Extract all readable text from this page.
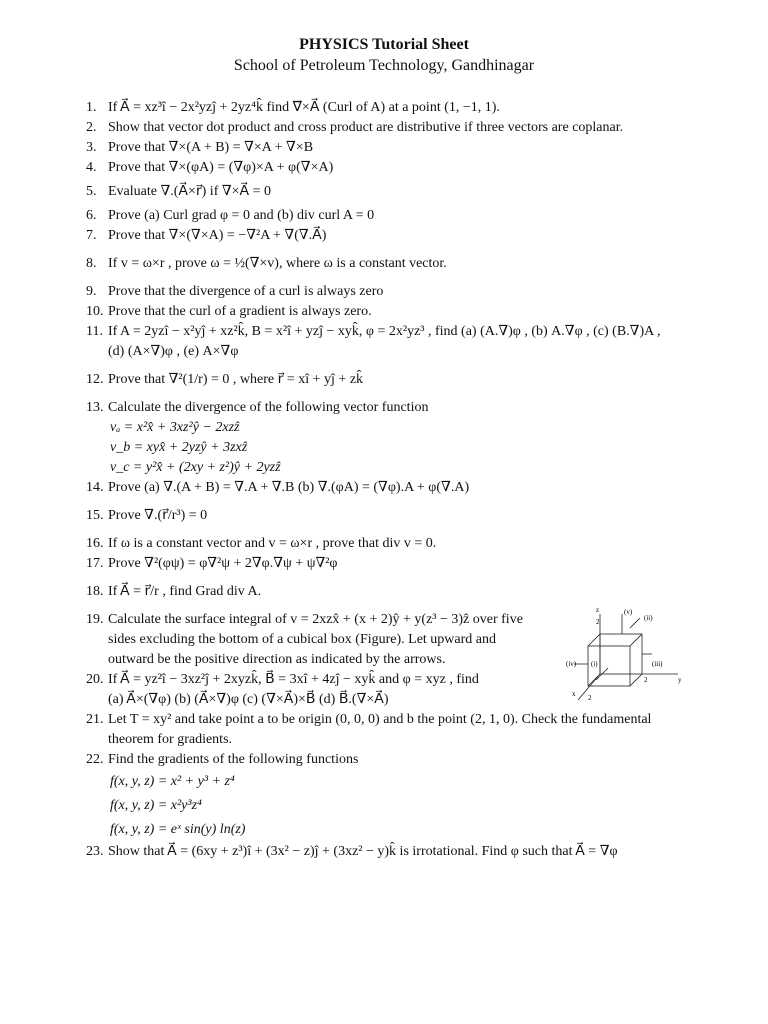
PHYSICS Tutorial Sheet
School of Petroleum Technology, Gandhinagar
1. If A⃗ = xz³î − 2x²yzĵ + 2yz⁴k̂ find ∇⃗×A⃗ (Curl of A) at a point (1, −1, 1).
2. Show that vector dot product and cross product are distributive if three vectors are coplanar.
3. Prove that ∇×(A + B) = ∇×A + ∇×B
4. Prove that ∇×(φA) = (∇φ)×A + φ(∇×A)
5. Evaluate ∇.(A⃗×r⃗) if ∇×A⃗ = 0
6. Prove (a) Curl grad φ = 0 and (b) div curl A = 0
7. Prove that ∇×(∇×A) = −∇²A + ∇(∇.A⃗)
8. If v = ω×r , prove ω = ½(∇×v), where ω is a constant vector.
9. Prove that the divergence of a curl is always zero
10. Prove that the curl of a gradient is always zero.
11. If A = 2yzî − x²yĵ + xz²k̂, B = x²î + yzĵ − xyk̂, φ = 2x²yz³ , find (a) (A.∇)φ , (b) A.∇φ , (c) (B.∇)A ,
(d) (A×∇)φ , (e) A×∇φ
12. Prove that ∇²(1/r) = 0 , where r⃗ = xî + yĵ + zk̂
13. Calculate the divergence of the following vector function
vₐ = x²x̂ + 3xz²ŷ − 2xzẑ
v_b = xyx̂ + 2yzŷ + 3zxẑ
v_c = y²x̂ + (2xy + z²)ŷ + 2yzẑ
14. Prove (a) ∇.(A + B) = ∇.A + ∇.B (b) ∇.(φA) = (∇φ).A + φ(∇.A)
15. Prove ∇.(r⃗/r³) = 0
16. If ω is a constant vector and v = ω×r , prove that div v = 0.
17. Prove ∇²(φψ) = φ∇²ψ + 2∇φ.∇ψ + ψ∇²φ
18. If A⃗ = r⃗/r , find Grad div A.
19. Calculate the surface integral of v = 2xzx̂ + (x + 2)ŷ + y(z³ − 3)ẑ over five
sides excluding the bottom of a cubical box (Figure). Let upward and
outward be the positive direction as indicated by the arrows.
20. If A⃗ = yz²î − 3xz²ĵ + 2xyzk̂, B⃗ = 3xî + 4zĵ − xyk̂ and φ = xyz , find
(a) A⃗×(∇φ) (b) (A⃗×∇)φ (c) (∇×A⃗)×B⃗ (d) B⃗.(∇×A⃗)
21. Let T = xy² and take point a to be origin (0, 0, 0) and b the point (2, 1, 0). Check the fundamental
theorem for gradients.
22. Find the gradients of the following functions
f(x, y, z) = x² + y³ + z⁴
f(x, y, z) = x²y³z⁴
f(x, y, z) = eˣ sin(y) ln(z)
23. Show that A⃗ = (6xy + z³)î + (3x² − z)ĵ + (3xz² − y)k̂ is irrotational. Find φ such that A⃗ = ∇φ
z
2
(v)
(ii)
(iv) (i)	(iii)
2	y
x 2
